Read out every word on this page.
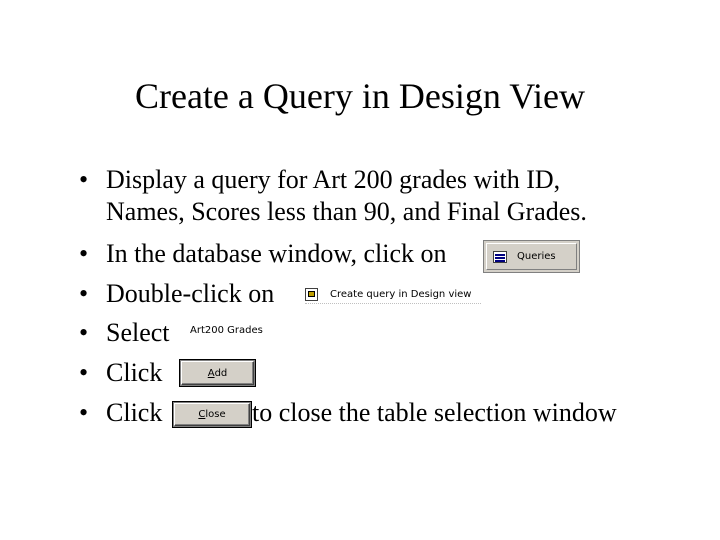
Create a Query in Design View
• Display a query for Art 200 grades with ID,
Names, Scores less than 90, and Final Grades.
• In the database window, click on
• Double-click on
• Select
• Click
• Click	to close the table selection window
Queries
Create query in Design view
Art200 Grades
A dd
C lose
